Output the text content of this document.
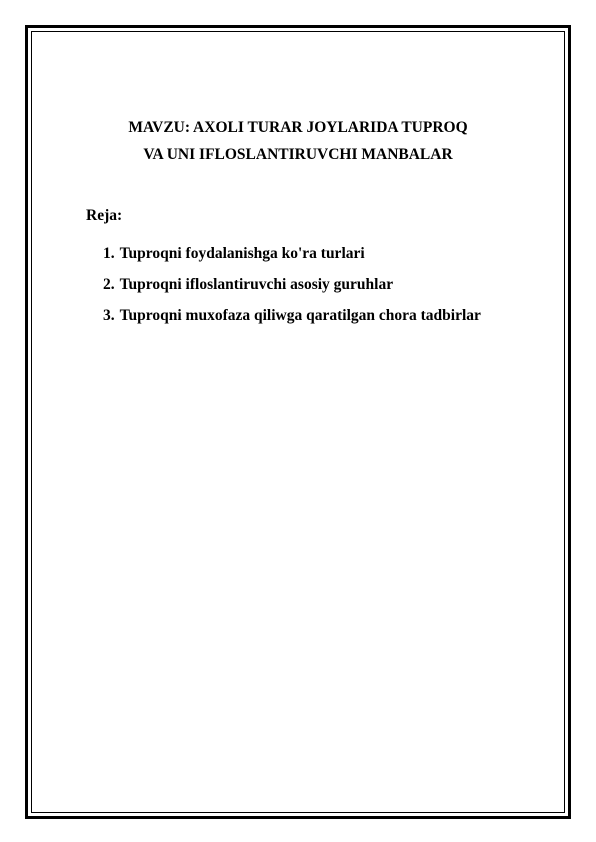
MAVZU: AXOLI TURAR JOYLARIDA TUPROQ
VA UNI IFLOSLANTIRUVCHI MANBALAR
Reja:
1. Tuproqni foydalanishga ko'ra turlari
2. Tuproqni ifloslantiruvchi asosiy guruhlar
3. Tuproqni muxofaza qiliwga qaratilgan chora tadbirlar
